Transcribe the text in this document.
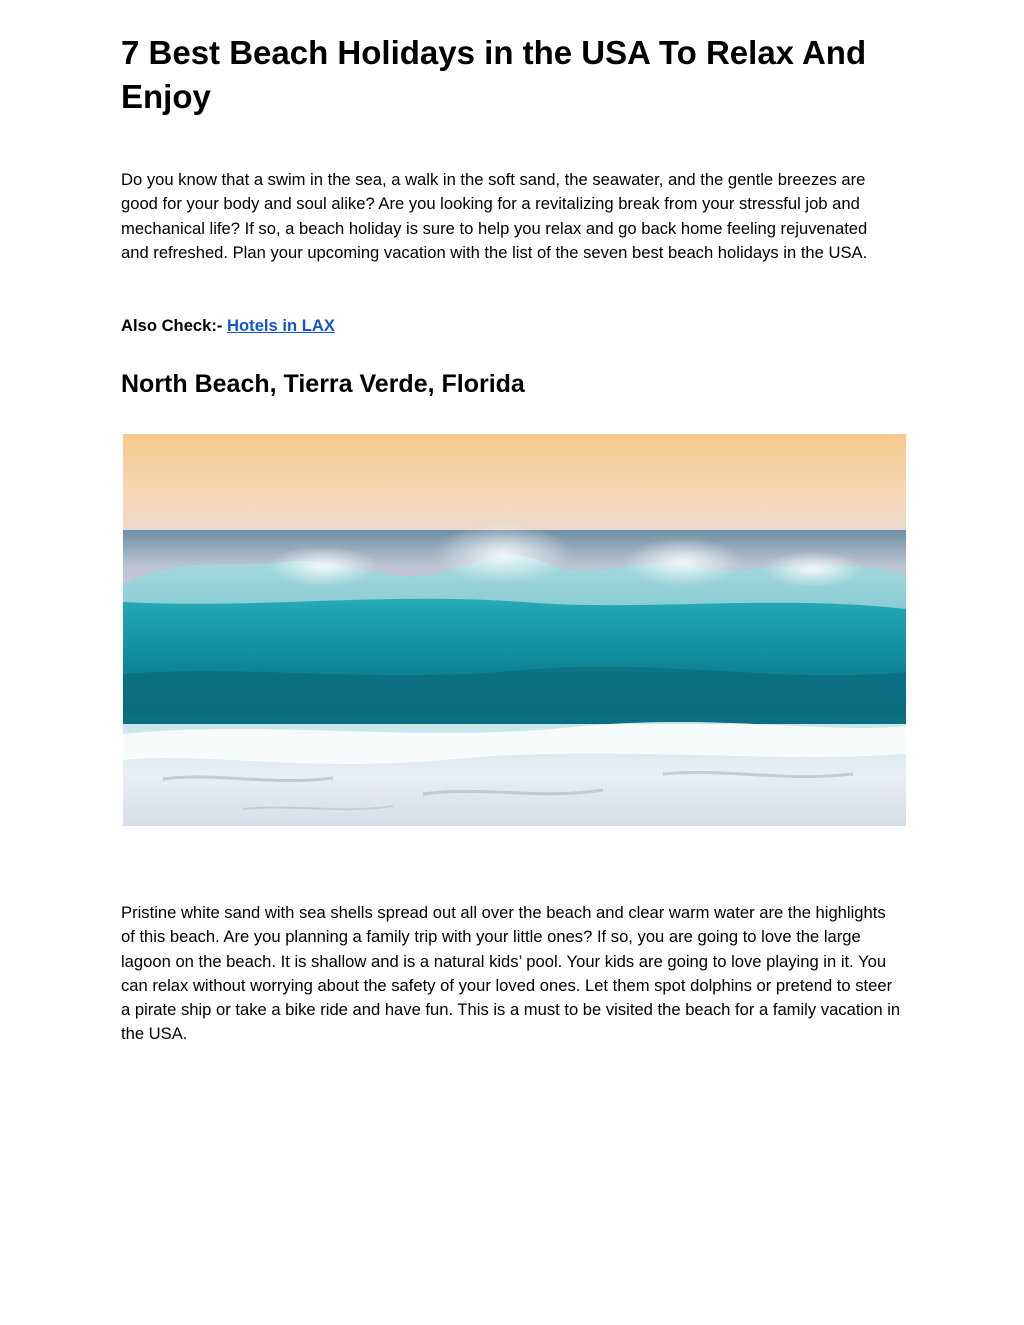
7 Best Beach Holidays in the USA To Relax And Enjoy

Do you know that a swim in the sea, a walk in the soft sand, the seawater, and the gentle breezes are good for your body and soul alike? Are you looking for a revitalizing break from your stressful job and mechanical life? If so, a beach holiday is sure to help you relax and go back home feeling rejuvenated and refreshed. Plan your upcoming vacation with the list of the seven best beach holidays in the USA.

Also Check:- Hotels in LAX

North Beach, Tierra Verde, Florida

Pristine white sand with sea shells spread out all over the beach and clear warm water are the highlights of this beach. Are you planning a family trip with your little ones? If so, you are going to love the large lagoon on the beach. It is shallow and is a natural kids’ pool. Your kids are going to love playing in it. You can relax without worrying about the safety of your loved ones. Let them spot dolphins or pretend to steer a pirate ship or take a bike ride and have fun. This is a must to be visited the beach for a family vacation in the USA.
